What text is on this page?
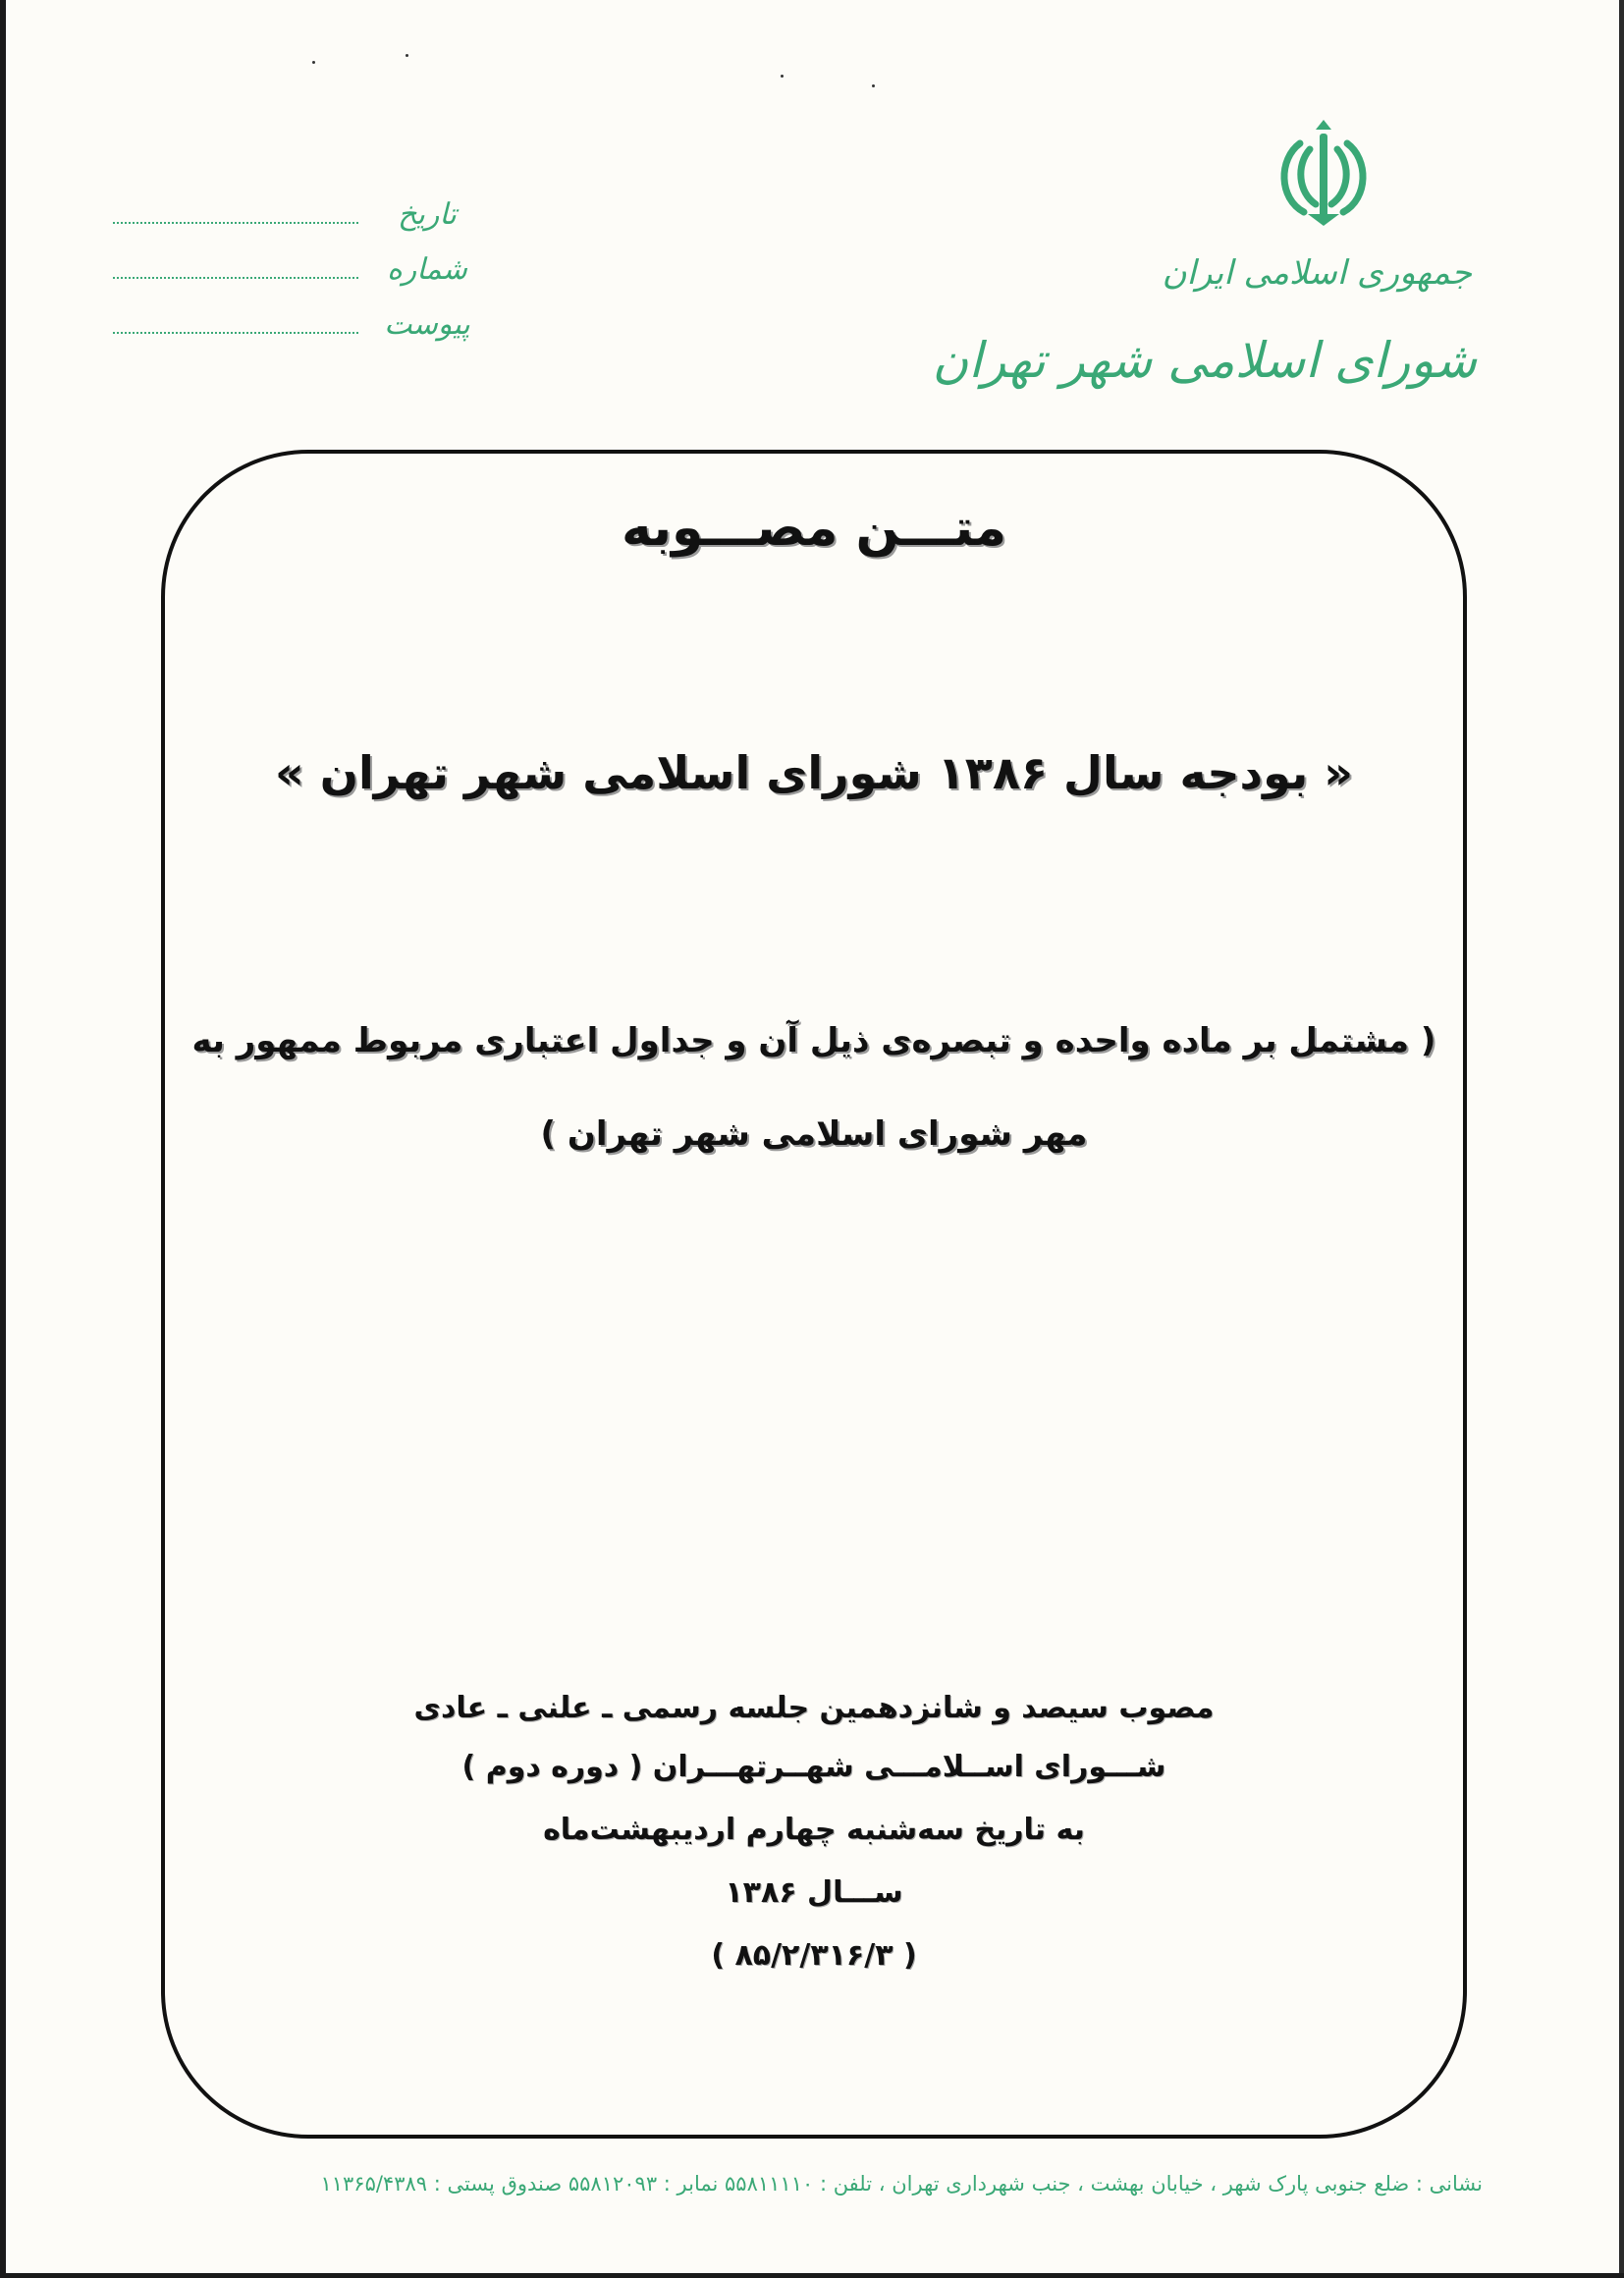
جمهوری اسلامی ایران
شورای اسلامی شهر تهران
تاریخ
شماره
پیوست
متـــن مصـــوبه
« بودجه سال ۱۳۸۶ شورای اسلامی شهر تهران »
( مشتمل بر ماده واحده و تبصره‌ی ذیل آن و جداول اعتباری مربوط ممهور به
مهر شورای اسلامی شهر تهران )
مصوب سیصد و شانزدهمین جلسه رسمی ـ علنی ـ عادی
شـــورای اســلامـــی شهــرتهـــران ( دوره دوم )
به تاریخ سه‌شنبه چهارم اردیبهشت‌ماه
ســـال ۱۳۸۶
( ۸۵/۲/۳۱۶/۳ )
نشانی : ضلع جنوبی پارک شهر ، خیابان بهشت ، جنب شهرداری تهران ، تلفن : ۵۵۸۱۱۱۱۰ نمابر : ۵۵۸۱۲۰۹۳ صندوق پستی : ۱۱۳۶۵/۴۳۸۹
